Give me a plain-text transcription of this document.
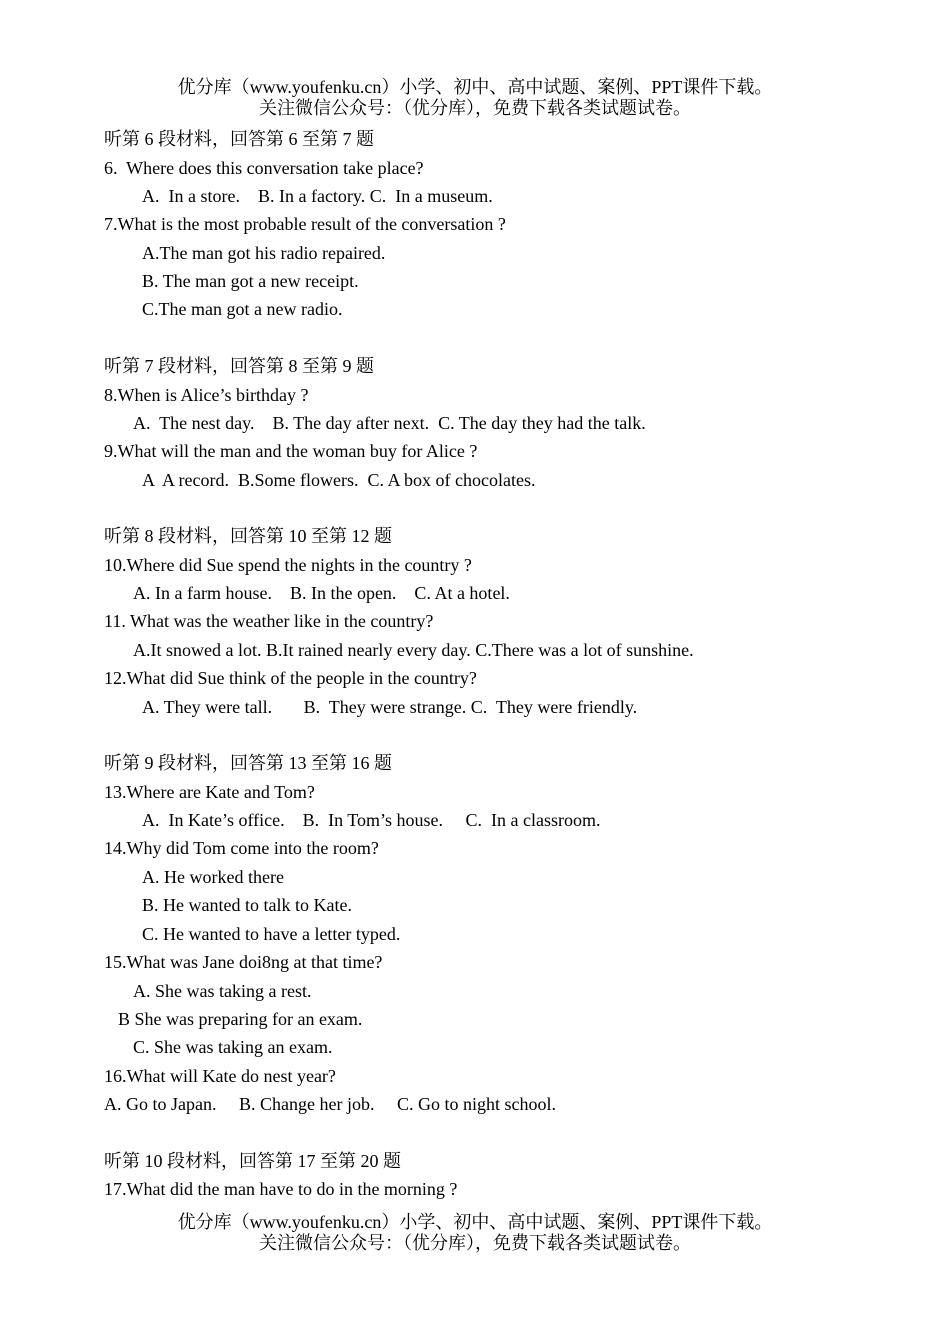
优分库（www.youfenku.cn）小学、初中、高中试题、案例、PPT课件下载。
关注微信公众号：（优分库），免费下载各类试题试卷。
听第 6 段材料，回答第 6 至第 7 题
6.  Where does this conversation take place?
A.  In a store.    B. In a factory. C.  In a museum.
7.What is the most probable result of the conversation ?
A.The man got his radio repaired.
B. The man got a new receipt.
C.The man got a new radio.
听第 7 段材料，回答第 8 至第 9 题
8.When is Alice’s birthday ?
A.  The nest day.    B. The day after next.  C. The day they had the talk.
9.What will the man and the woman buy for Alice ?
A  A record.  B.Some flowers.  C. A box of chocolates.
听第 8 段材料，回答第 10 至第 12 题
10.Where did Sue spend the nights in the country ?
A. In a farm house.    B. In the open.    C. At a hotel.
11. What was the weather like in the country?
A.It snowed a lot. B.It rained nearly every day. C.There was a lot of sunshine.
12.What did Sue think of the people in the country?
A. They were tall.       B.  They were strange. C.  They were friendly.
听第 9 段材料，回答第 13 至第 16 题
13.Where are Kate and Tom?
A.  In Kate’s office.    B.  In Tom’s house.     C.  In a classroom.
14.Why did Tom come into the room?
A. He worked there
B. He wanted to talk to Kate.
C. He wanted to have a letter typed.
15.What was Jane doi8ng at that time?
A. She was taking a rest.
B She was preparing for an exam.
C. She was taking an exam.
16.What will Kate do nest year?
A. Go to Japan.     B. Change her job.     C. Go to night school.
听第 10 段材料，回答第 17 至第 20 题
17.What did the man have to do in the morning ?
优分库（www.youfenku.cn）小学、初中、高中试题、案例、PPT课件下载。
关注微信公众号：（优分库），免费下载各类试题试卷。
